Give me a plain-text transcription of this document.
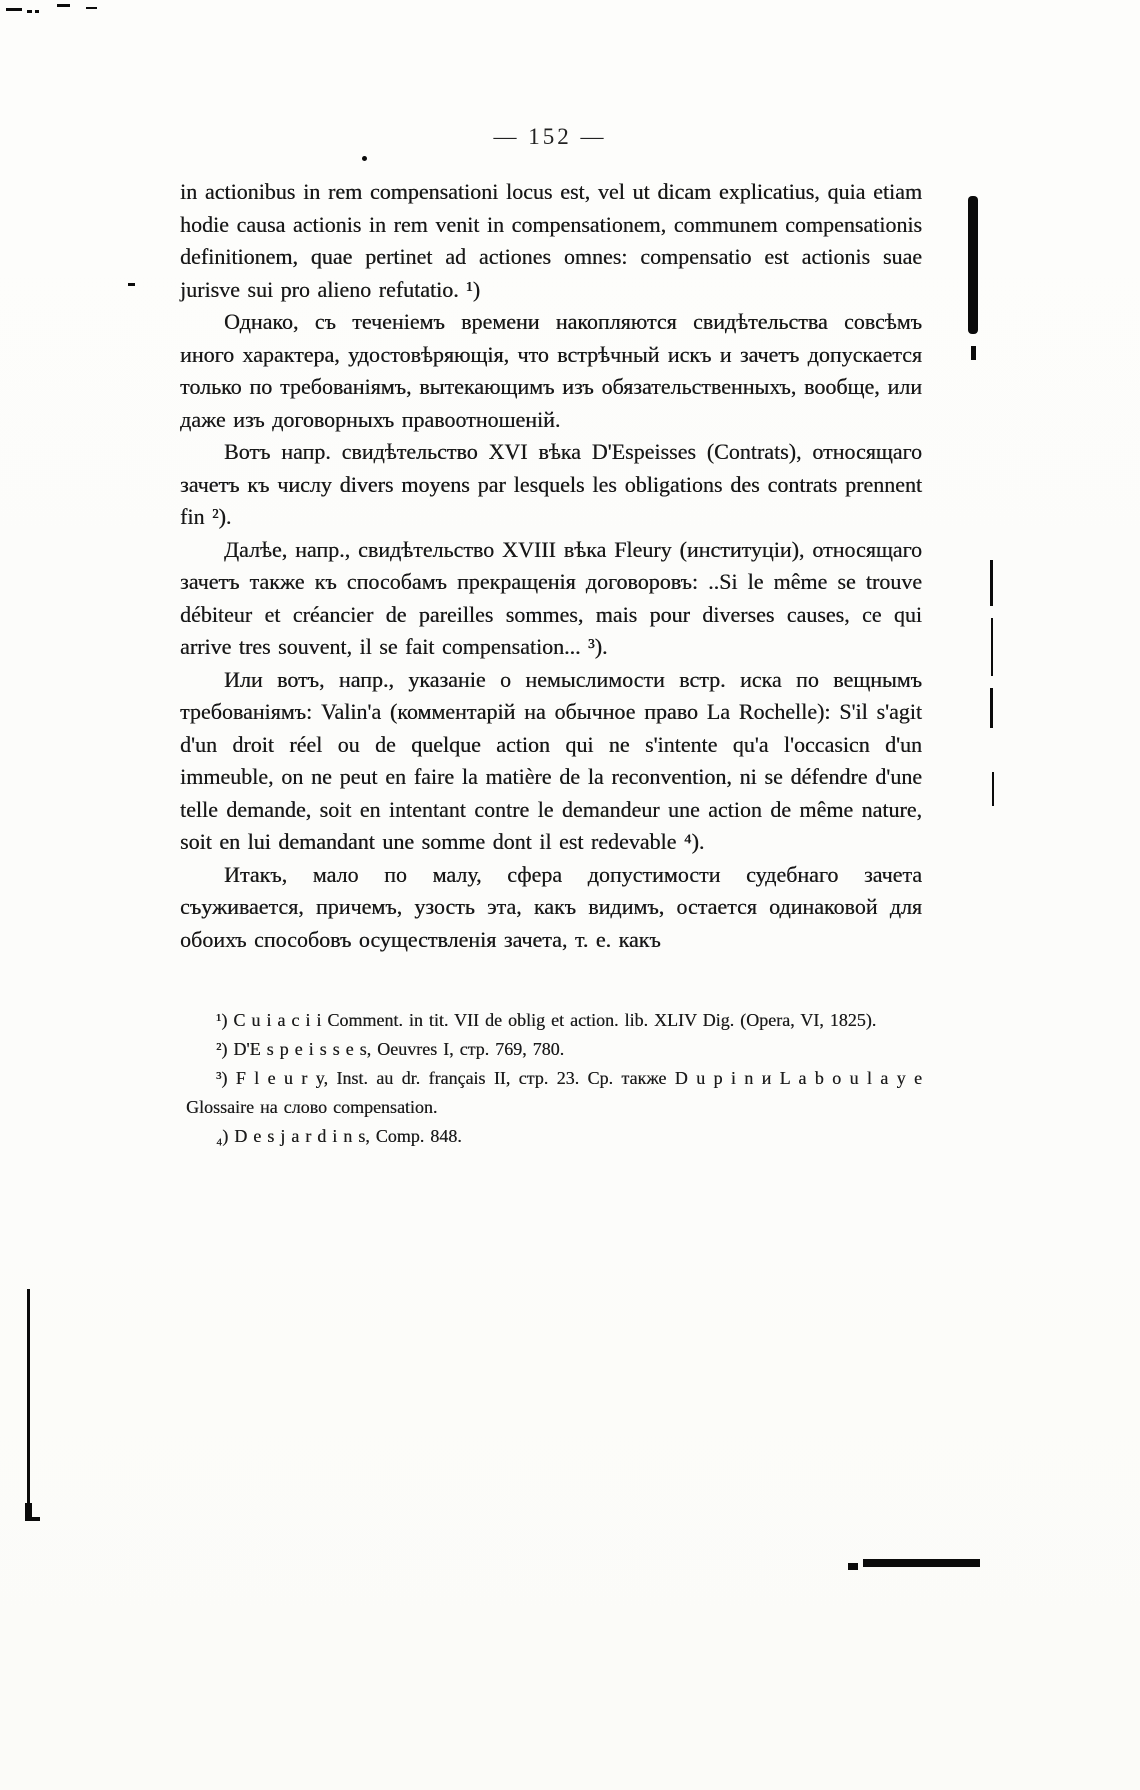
— 152 —

in actionibus in rem compensationi locus est, vel ut dicam explicatius, quia etiam hodie causa actionis in rem venit in compensationem, communem compensationis definitionem, quae pertinet ad actiones omnes: compensatio est actionis suae jurisve sui pro alieno refutatio. ¹)

Однако, съ теченіемъ времени накопляются свидѣтельства совсѣмъ иного характера, удостовѣряющія, что встрѣчный искъ и зачетъ допускается только по требованіямъ, вытекающимъ изъ обязательственныхъ, вообще, или даже изъ договорныхъ правоотношеній.

Вотъ напр. свидѣтельство XVI вѣка D'Espeisses (Contrats), относящаго зачетъ къ числу divers moyens par lesquels les obligations des contrats prennent fin ²).

Далѣе, напр., свидѣтельство XVIII вѣка Fleury (институціи), относящаго зачетъ также къ способамъ прекращенія договоровъ: ..Si le même se trouve débiteur et créancier de pareilles sommes, mais pour diverses causes, ce qui arrive tres souvent, il se fait compensation... ³).

Или вотъ, напр., указаніе о немыслимости встр. иска по вещнымъ требованіямъ: Valin'a (комментарій на обычное право La Rochelle): S'il s'agit d'un droit réel ou de quelque action qui ne s'intente qu'a l'occasicn d'un immeuble, on ne peut en faire la matière de la reconvention, ni se défendre d'une telle demande, soit en intentant contre le demandeur une action de même nature, soit en lui demandant une somme dont il est redevable ⁴).

Итакъ, мало по малу, сфера допустимости судебнаго зачета съуживается, причемъ, узость эта, какъ видимъ, остается одинаковой для обоихъ способовъ осуществленія зачета, т. е. какъ

¹) C u i a c i i Comment. in tit. VII de oblig et action. lib. XLIV Dig. (Opera, VI, 1825).

²) D'E s p e i s s e s, Oeuvres I, стр. 769, 780.

³) F l e u r y, Inst. au dr. français II, стр. 23. Ср. также D u p i n и L a b o u l a y e Glossaire на слово compensation.

₄) D e s j a r d i n s, Comp. 848.
